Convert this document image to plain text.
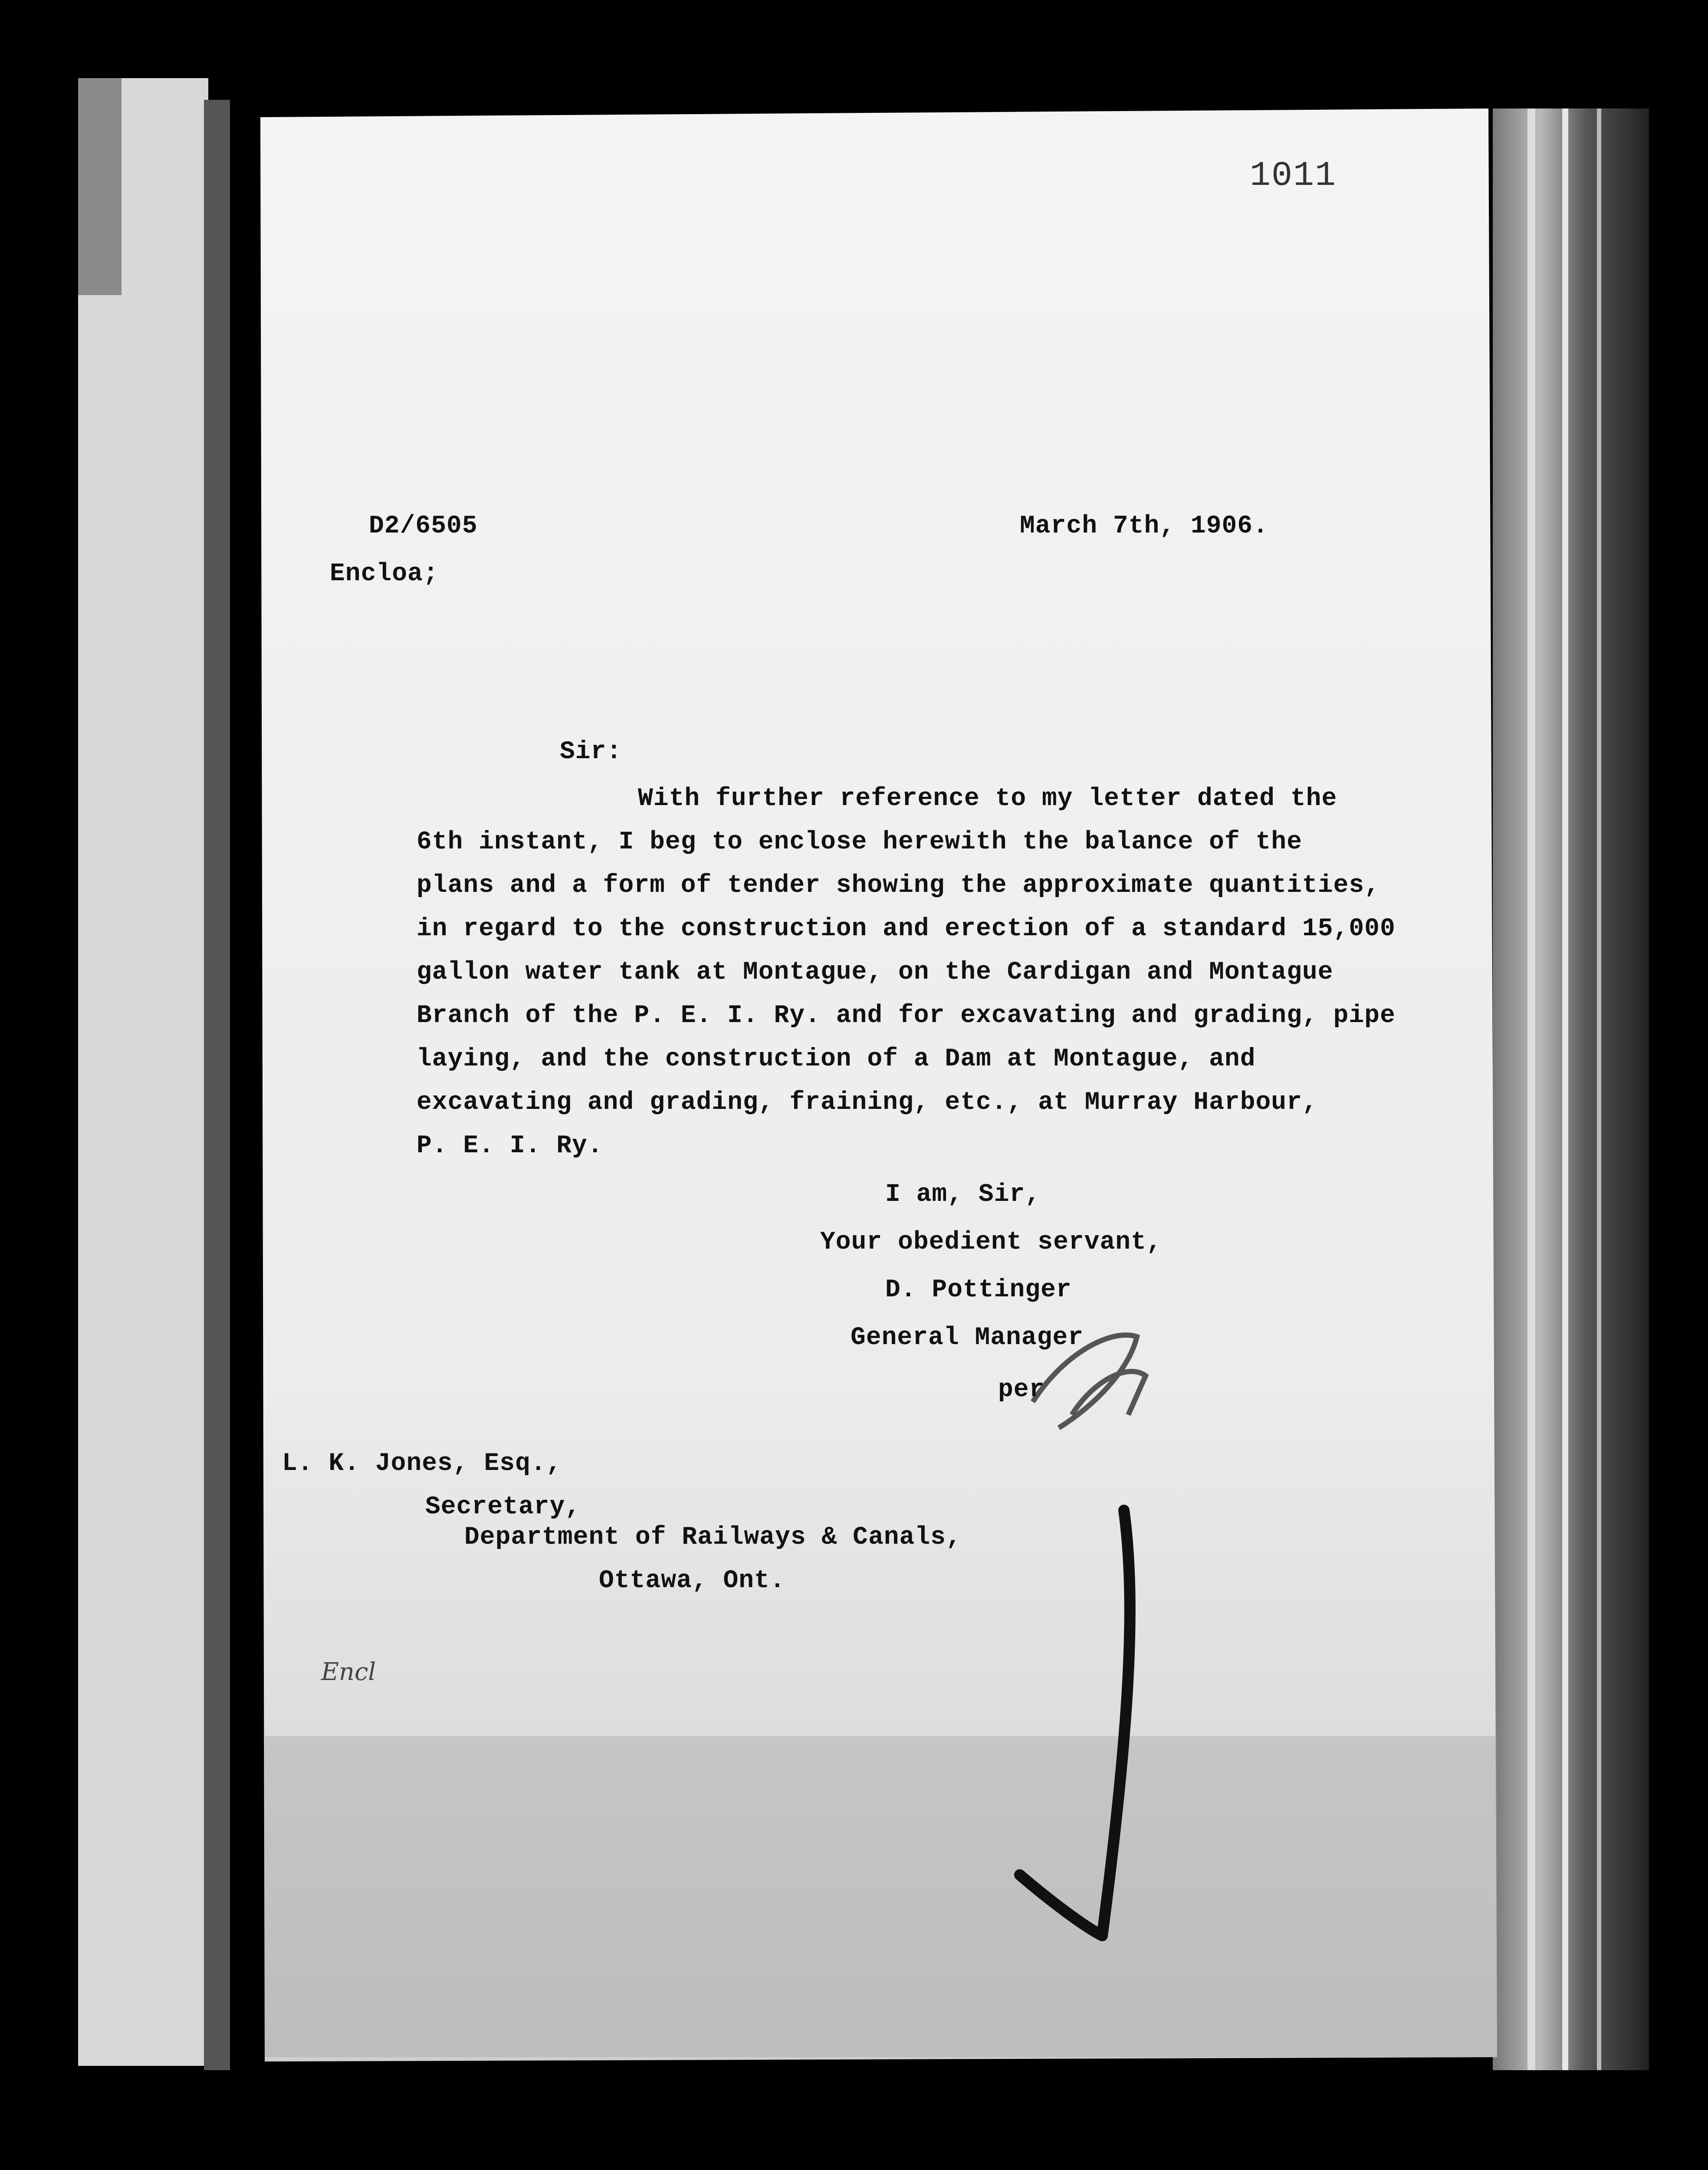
1011
D2/6505
Encloa;
March 7th, 1906.
Sir:
With further reference to my letter dated the
6th instant, I beg to enclose herewith the balance of the
plans and a form of tender showing the approximate quantities,
in regard to the construction and erection of a standard 15,000
gallon water tank at Montague, on the Cardigan and Montague
Branch of the P. E. I. Ry. and for excavating and grading, pipe
laying, and the construction of a Dam at Montague, and
excavating and grading, fraining, etc., at Murray Harbour,
P. E. I. Ry.
I am, Sir,
Your obedient servant,
D. Pottinger
General Manager
per
L. K. Jones, Esq.,
Secretary,
Department of Railways & Canals,
Ottawa, Ont.
Encl
